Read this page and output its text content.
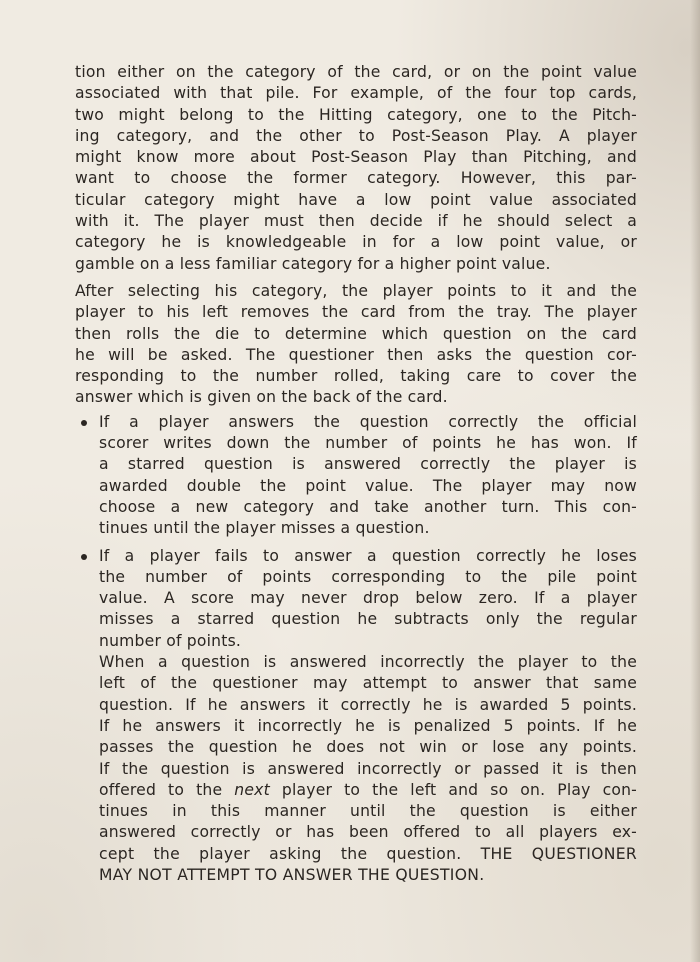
tion either on the category of the card, or on the point value
associated with that pile. For example, of the four top cards,
two might belong to the Hitting category, one to the Pitch-
ing category, and the other to Post-Season Play. A player
might know more about Post-Season Play than Pitching, and
want to choose the former category. However, this par-
ticular category might have a low point value associated
with it. The player must then decide if he should select a
category he is knowledgeable in for a low point value, or
gamble on a less familiar category for a higher point value.
After selecting his category, the player points to it and the
player to his left removes the card from the tray. The player
then rolls the die to determine which question on the card
he will be asked. The questioner then asks the question cor-
responding to the number rolled, taking care to cover the
answer which is given on the back of the card.
If a player answers the question correctly the official
scorer writes down the number of points he has won. If
a starred question is answered correctly the player is
awarded double the point value. The player may now
choose a new category and take another turn. This con-
tinues until the player misses a question.
If a player fails to answer a question correctly he loses
the number of points corresponding to the pile point
value. A score may never drop below zero. If a player
misses a starred question he subtracts only the regular
number of points.
When a question is answered incorrectly the player to the
left of the questioner may attempt to answer that same
question. If he answers it correctly he is awarded 5 points.
If he answers it incorrectly he is penalized 5 points. If he
passes the question he does not win or lose any points.
If the question is answered incorrectly or passed it is then
offered to the next player to the left and so on. Play con-
tinues in this manner until the question is either
answered correctly or has been offered to all players ex-
cept the player asking the question. THE QUESTIONER
MAY NOT ATTEMPT TO ANSWER THE QUESTION.
